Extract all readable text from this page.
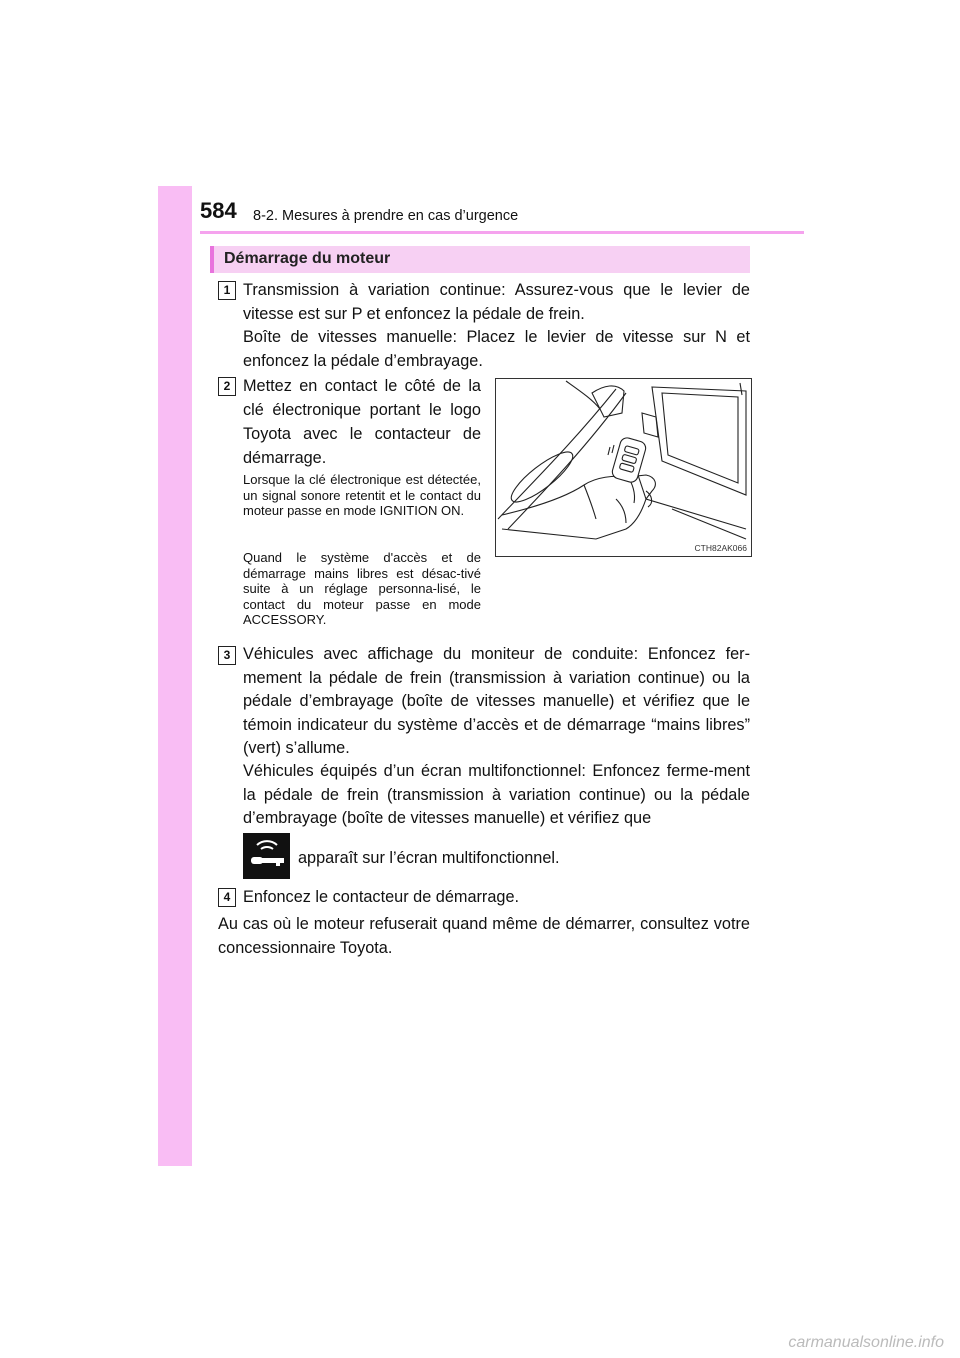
584 8-2. Mesures à prendre en cas d’urgence
Démarrage du moteur
1 Transmission à variation continue: Assurez-vous que le levier de vitesse est sur P et enfoncez la pédale de frein.

Boîte de vitesses manuelle: Placez le levier de vitesse sur N et enfoncez la pédale d’embrayage.

2 Mettez en contact le côté de la clé électronique portant le logo Toyota avec le contacteur de démarrage.

Lorsque la clé électronique est détectée, un signal sonore retentit et le contact du moteur passe en mode IGNITION ON.

Quand le système d'accès et de démarrage mains libres est désac-tivé suite à un réglage personna-lisé, le contact du moteur passe en mode ACCESSORY.

CTH82AK066
3 Véhicules avec affichage du moniteur de conduite: Enfoncez fer-mement la pédale de frein (transmission à variation continue) ou la pédale d’embrayage (boîte de vitesses manuelle) et vérifiez que le témoin indicateur du système d’accès et de démarrage “mains libres” (vert) s’allume.

Véhicules équipés d’un écran multifonctionnel: Enfoncez ferme-ment la pédale de frein (transmission à variation continue) ou la pédale d’embrayage (boîte de vitesses manuelle) et vérifiez que

apparaît sur l’écran multifonctionnel.
4 Enfoncez le contacteur de démarrage.

Au cas où le moteur refuserait quand même de démarrer, consultez votre concessionnaire Toyota.

carmanualsonline.info
